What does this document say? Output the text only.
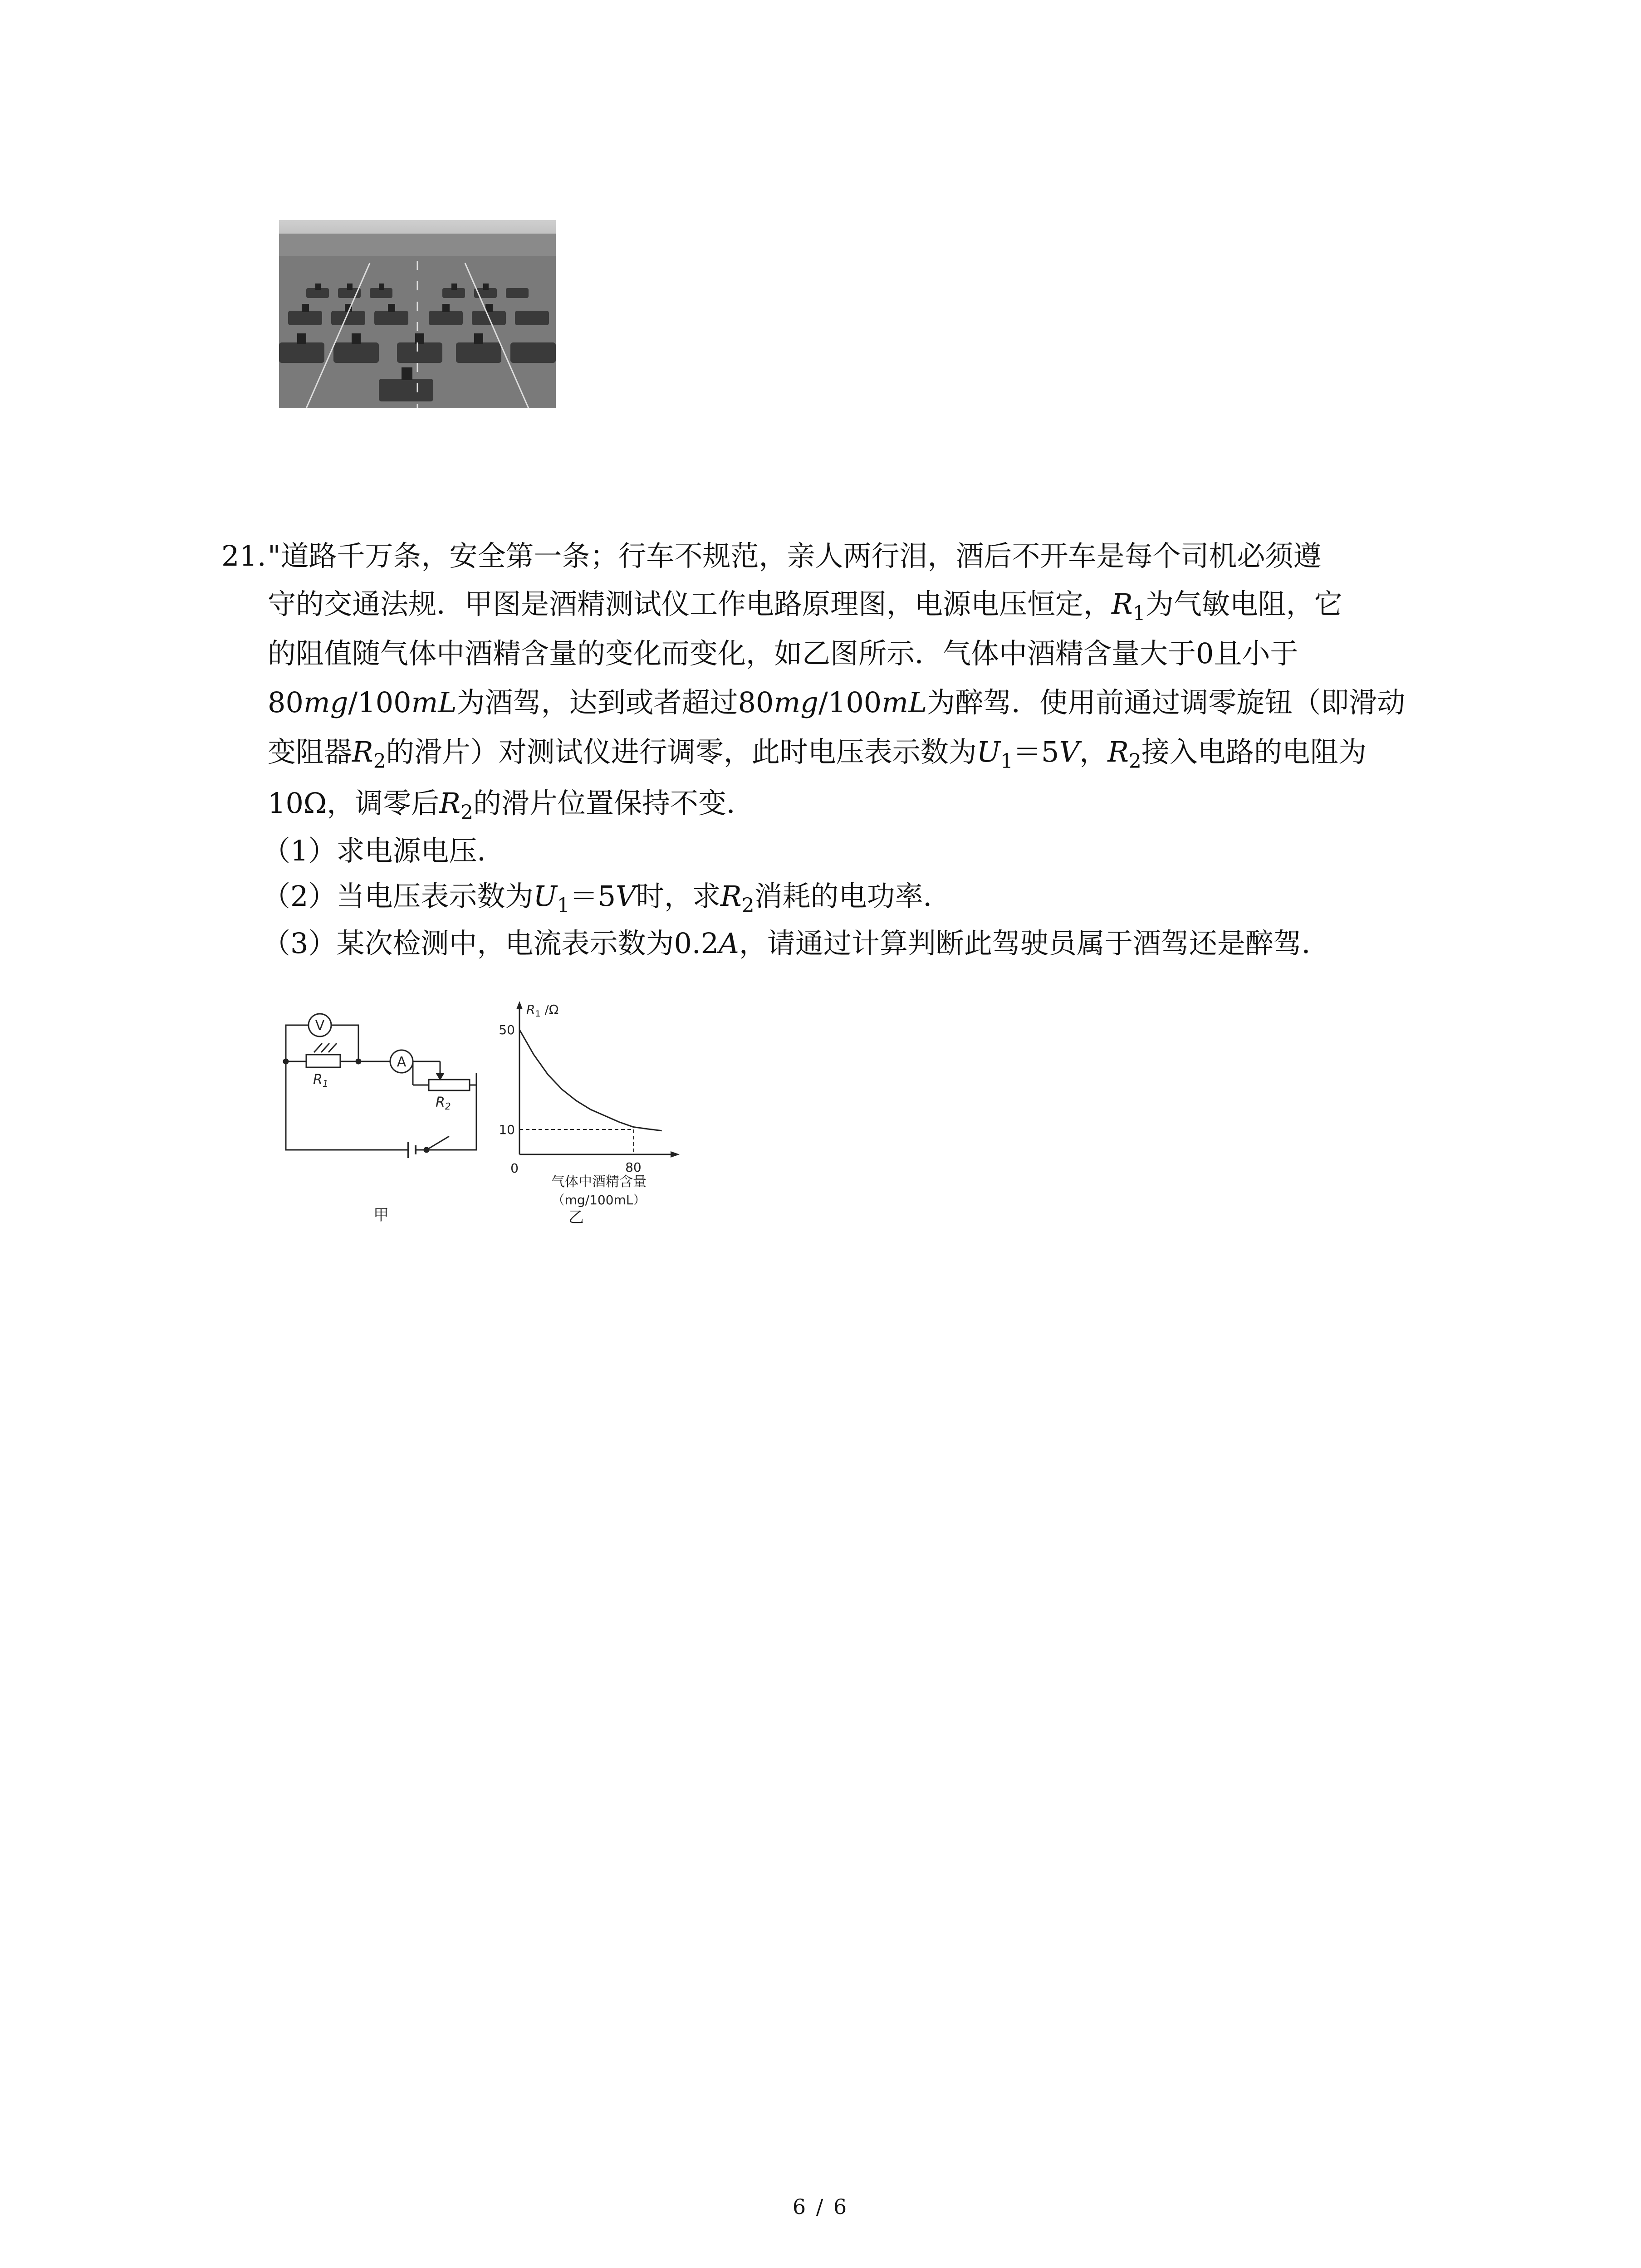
21."道路千万条，安全第一条；行车不规范，亲人两行泪，酒后不开车是每个司机必须遵
守的交通法规．甲图是酒精测试仪工作电路原理图，电源电压恒定，$R_1$为气敏电阻，它
的阻值随气体中酒精含量的变化而变化，如乙图所示．气体中酒精含量大于0且小于
80mg/100mL为酒驾，达到或者超过80mg/100mL为醉驾．使用前通过调零旋钮（即滑动
变阻器$R_2$的滑片）对测试仪进行调零，此时电压表示数为$U_1=5V$，$R_2$接入电路的电阻为
10Ω，调零后$R_2$的滑片位置保持不变．
（1）求电源电压．
（2）当电压表示数为$U_1=5V$时，求$R_2$消耗的电功率．
（3）某次检测中，电流表示数为0.2A，请通过计算判断此驾驶员属于酒驾还是醉驾．
V
A
$R_1$
$R_2$
甲
$R_1$ /Ω
50
10
0	80
气体中酒精含量
（mg/100mL）
乙
6 / 6
